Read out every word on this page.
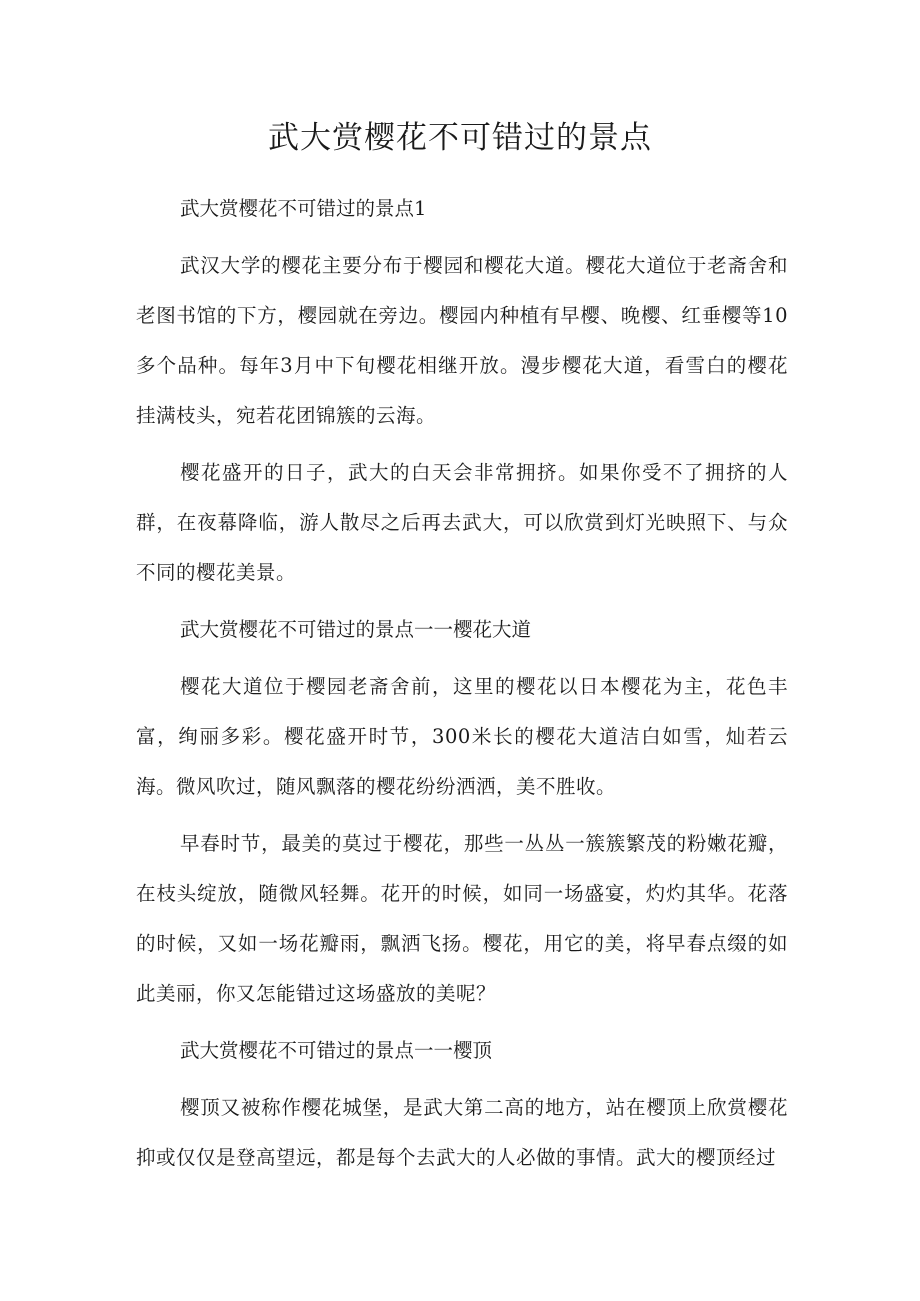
武大赏樱花不可错过的景点
武大赏樱花不可错过的景点1

武汉大学的樱花主要分布于樱园和樱花大道。樱花大道位于老斋舍和老图书馆的下方，樱园就在旁边。樱园内种植有早樱、晚樱、红垂樱等10多个品种。每年3月中下旬樱花相继开放。漫步樱花大道，看雪白的樱花挂满枝头，宛若花团锦簇的云海。

樱花盛开的日子，武大的白天会非常拥挤。如果你受不了拥挤的人群，在夜幕降临，游人散尽之后再去武大，可以欣赏到灯光映照下、与众不同的樱花美景。

武大赏樱花不可错过的景点一一樱花大道

樱花大道位于樱园老斋舍前，这里的樱花以日本樱花为主，花色丰富，绚丽多彩。樱花盛开时节，300米长的樱花大道洁白如雪，灿若云海。微风吹过，随风飘落的樱花纷纷洒洒，美不胜收。

早春时节，最美的莫过于樱花，那些一丛丛一簇簇繁茂的粉嫩花瓣，在枝头绽放，随微风轻舞。花开的时候，如同一场盛宴，灼灼其华。花落的时候，又如一场花瓣雨，飘洒飞扬。樱花，用它的美，将早春点缀的如此美丽，你又怎能错过这场盛放的美呢？

武大赏樱花不可错过的景点一一樱顶

樱顶又被称作樱花城堡，是武大第二高的地方，站在樱顶上欣赏樱花抑或仅仅是登高望远，都是每个去武大的人必做的事情。武大的樱顶经过
